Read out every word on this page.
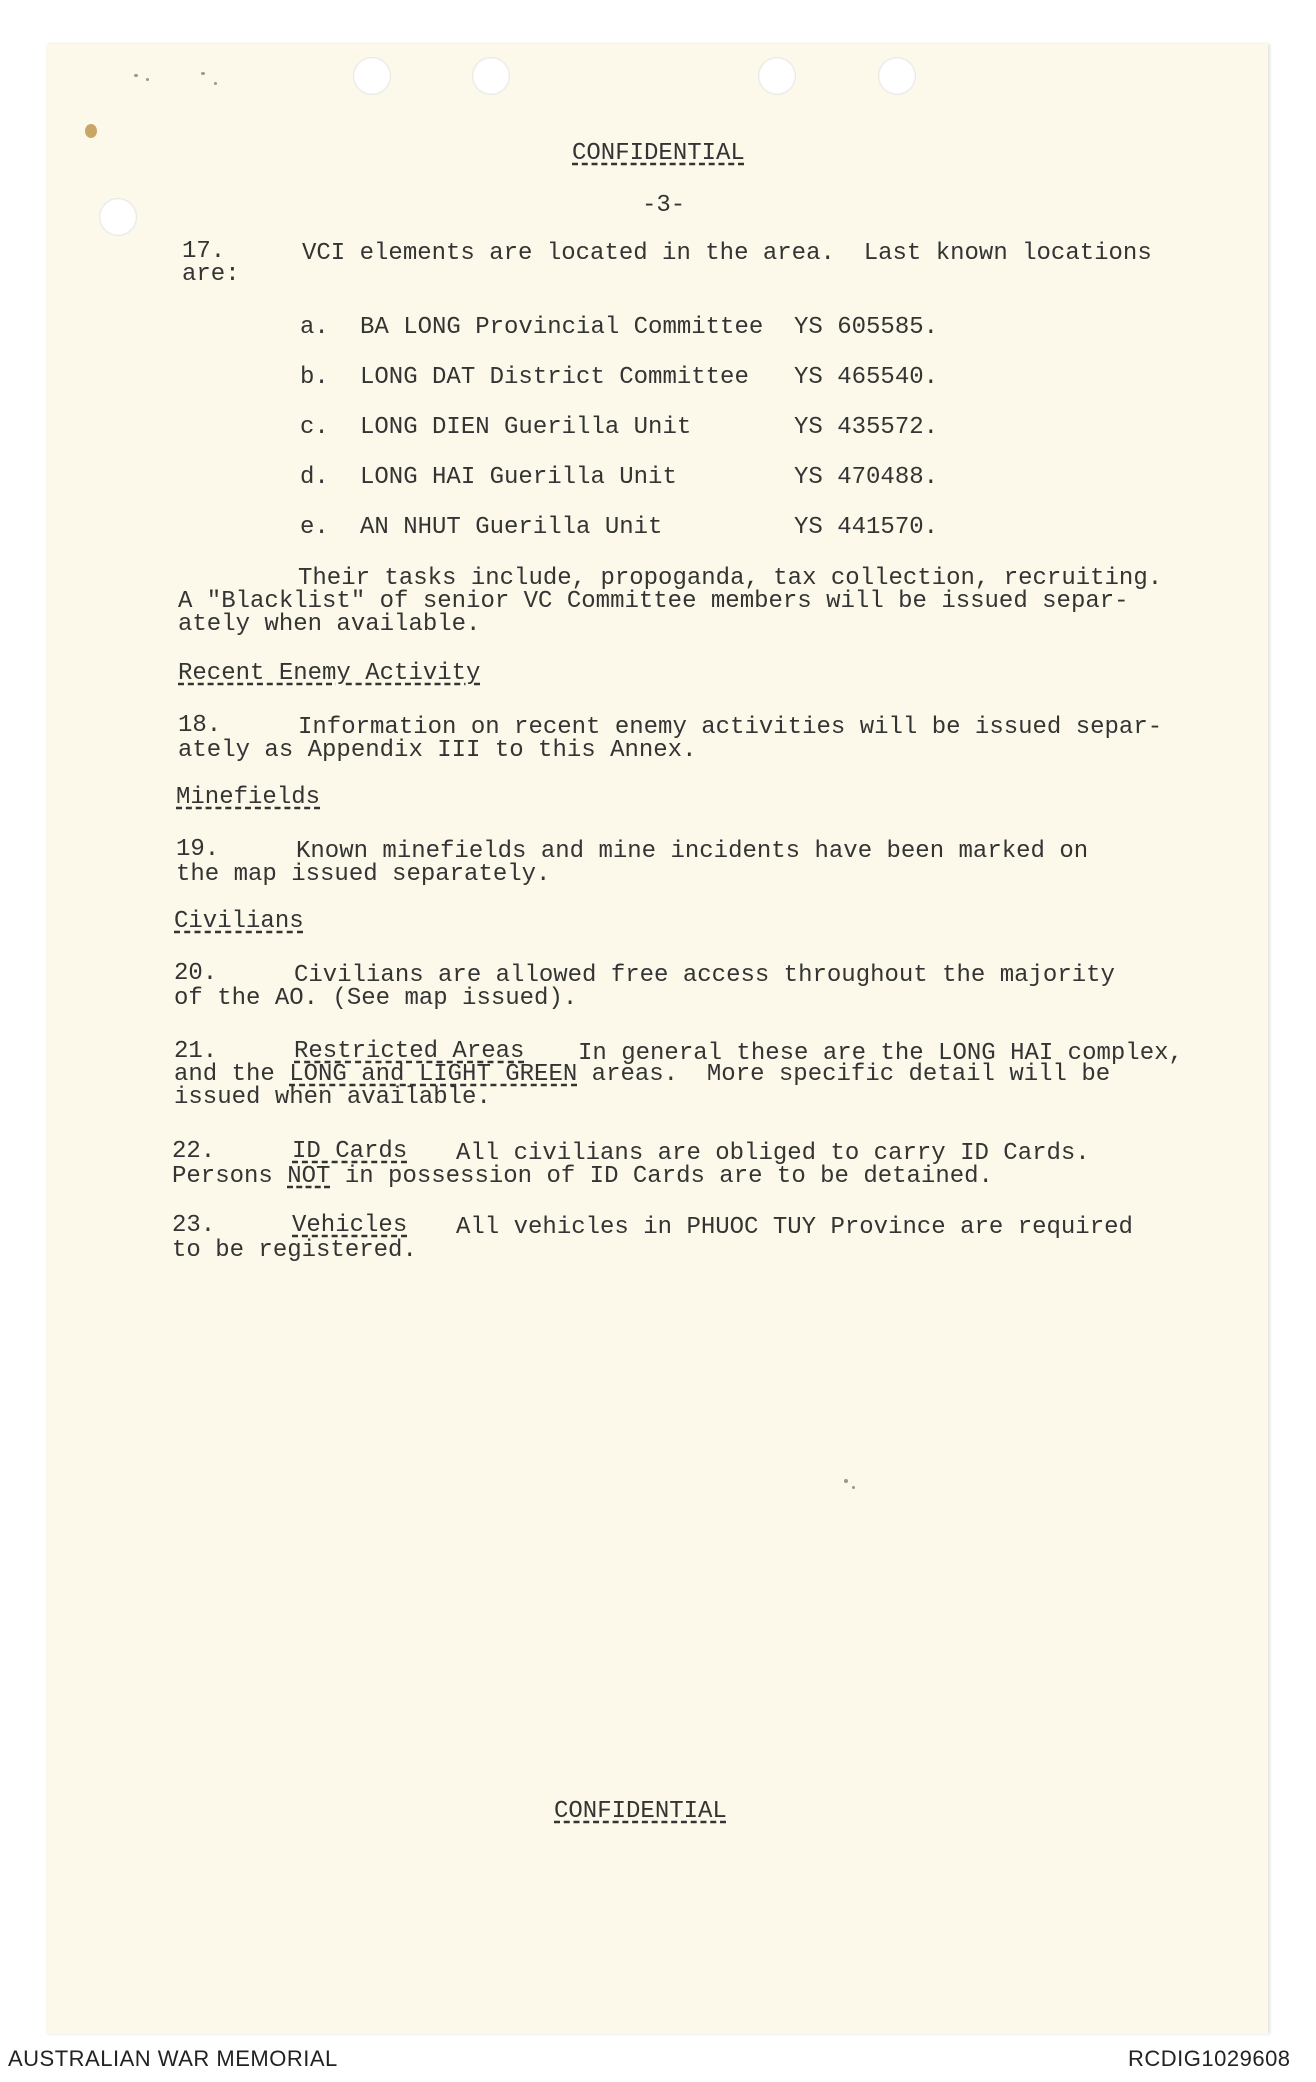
CONFIDENTIAL
-3-
17.	VCI elements are located in the area.  Last known locations
are:
a. BA LONG Provincial Committee YS 605585.
b. LONG DAT District Committee YS 465540.
c. LONG DIEN Guerilla Unit	YS 435572.
d. LONG HAI Guerilla Unit	YS 470488.
e. AN NHUT Guerilla Unit	YS 441570.
Their tasks include, propoganda, tax collection, recruiting.
A "Blacklist" of senior VC Committee members will be issued separ-
ately when available.
Recent Enemy Activity
18.	Information on recent enemy activities will be issued separ-
ately as Appendix III to this Annex.
Minefields
19.	Known minefields and mine incidents have been marked on
the map issued separately.
Civilians
20.	Civilians are allowed free access throughout the majority
of the AO. (See map issued).
21.	Restricted Areas In general these are the LONG HAI complex,
and the LONG and LIGHT GREEN areas.  More specific detail will be
issued when available.
22.	ID Cards All civilians are obliged to carry ID Cards.
Persons NOT in possession of ID Cards are to be detained.
23.	Vehicles All vehicles in PHUOC TUY Province are required
to be registered.
CONFIDENTIAL
AUSTRALIAN WAR MEMORIAL	RCDIG1029608
